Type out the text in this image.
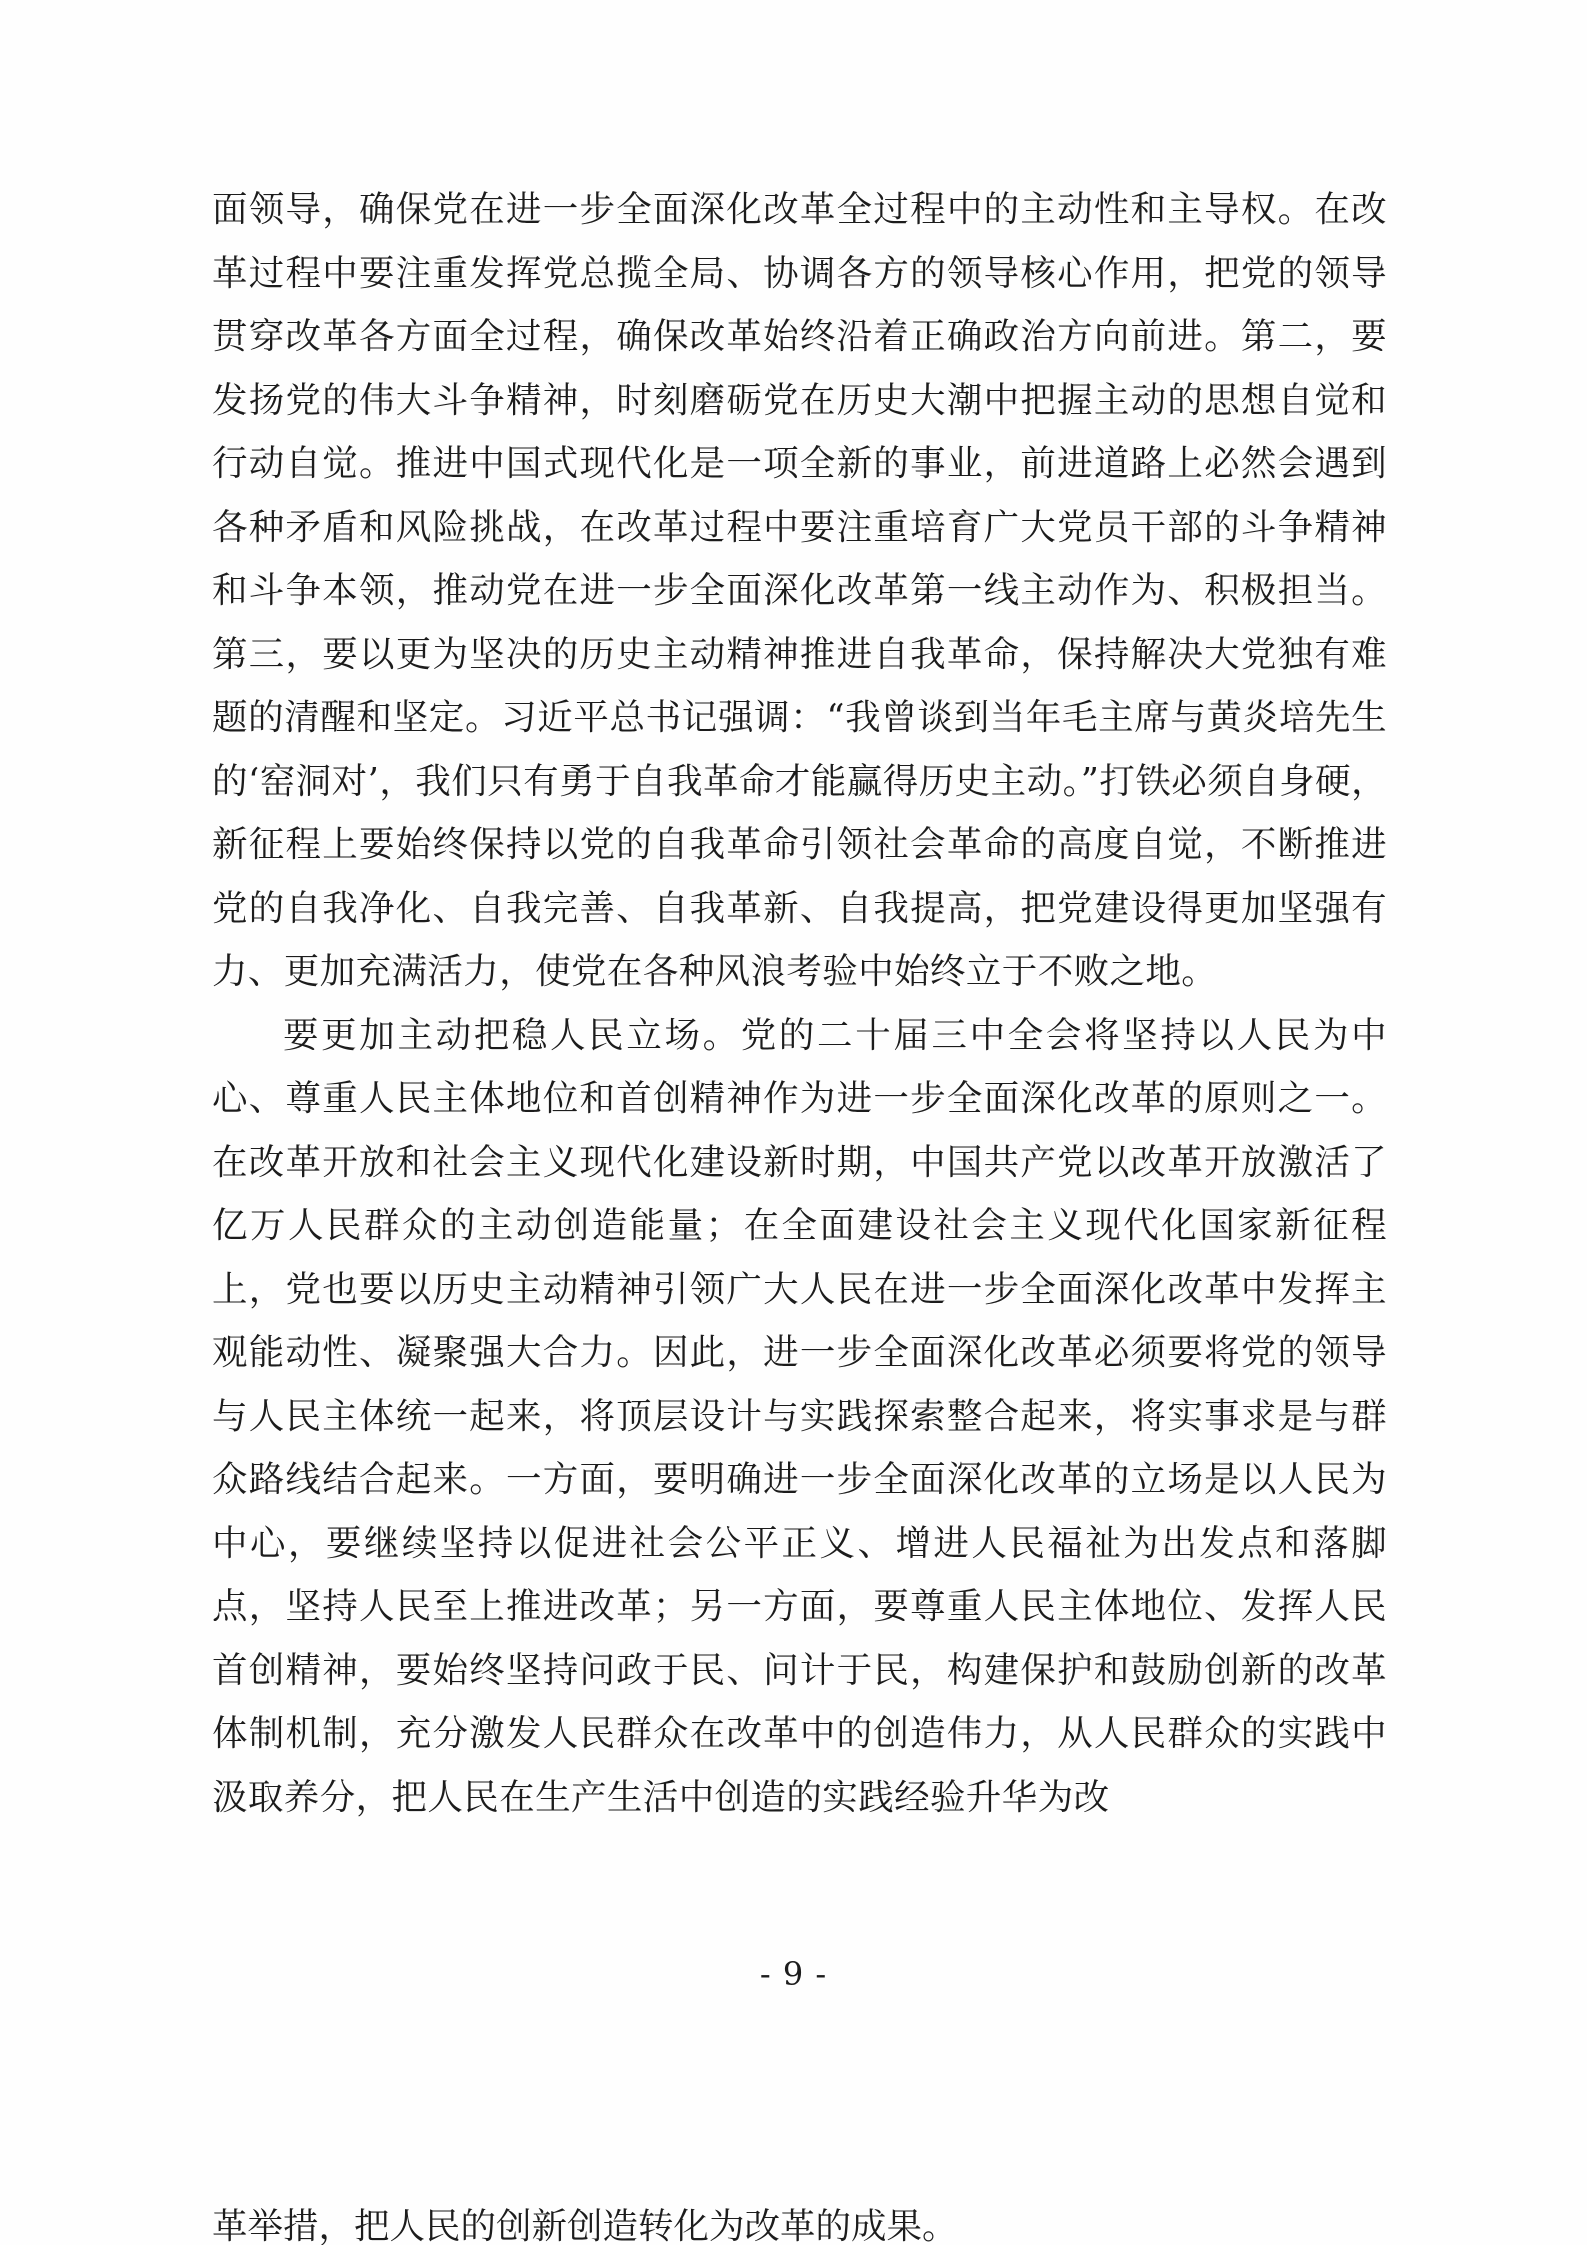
面领导，确保党在进一步全面深化改革全过程中的主动性和主导权。在改革过程中要注重发挥党总揽全局、协调各方的领导核心作用，把党的领导贯穿改革各方面全过程，确保改革始终沿着正确政治方向前进。第二，要发扬党的伟大斗争精神，时刻磨砺党在历史大潮中把握主动的思想自觉和行动自觉。推进中国式现代化是一项全新的事业，前进道路上必然会遇到各种矛盾和风险挑战，在改革过程中要注重培育广大党员干部的斗争精神和斗争本领，推动党在进一步全面深化改革第一线主动作为、积极担当。第三，要以更为坚决的历史主动精神推进自我革命，保持解决大党独有难题的清醒和坚定。习近平总书记强调：“我曾谈到当年毛主席与黄炎培先生的‘窑洞对’，我们只有勇于自我革命才能赢得历史主动。”打铁必须自身硬，新征程上要始终保持以党的自我革命引领社会革命的高度自觉，不断推进党的自我净化、自我完善、自我革新、自我提高，把党建设得更加坚强有力、更加充满活力，使党在各种风浪考验中始终立于不败之地。

要更加主动把稳人民立场。党的二十届三中全会将坚持以人民为中心、尊重人民主体地位和首创精神作为进一步全面深化改革的原则之一。在改革开放和社会主义现代化建设新时期，中国共产党以改革开放激活了亿万人民群众的主动创造能量；在全面建设社会主义现代化国家新征程上，党也要以历史主动精神引领广大人民在进一步全面深化改革中发挥主观能动性、凝聚强大合力。因此，进一步全面深化改革必须要将党的领导与人民主体统一起来，将顶层设计与实践探索整合起来，将实事求是与群众路线结合起来。一方面，要明确进一步全面深化改革的立场是以人民为中心，要继续坚持以促进社会公平正义、增进人民福祉为出发点和落脚点，坚持人民至上推进改革；另一方面，要尊重人民主体地位、发挥人民首创精神，要始终坚持问政于民、问计于民，构建保护和鼓励创新的改革体制机制，充分激发人民群众在改革中的创造伟力，从人民群众的实践中汲取养分，把人民在生产生活中创造的实践经验升华为改

- 9 -
革举措，把人民的创新创造转化为改革的成果。
